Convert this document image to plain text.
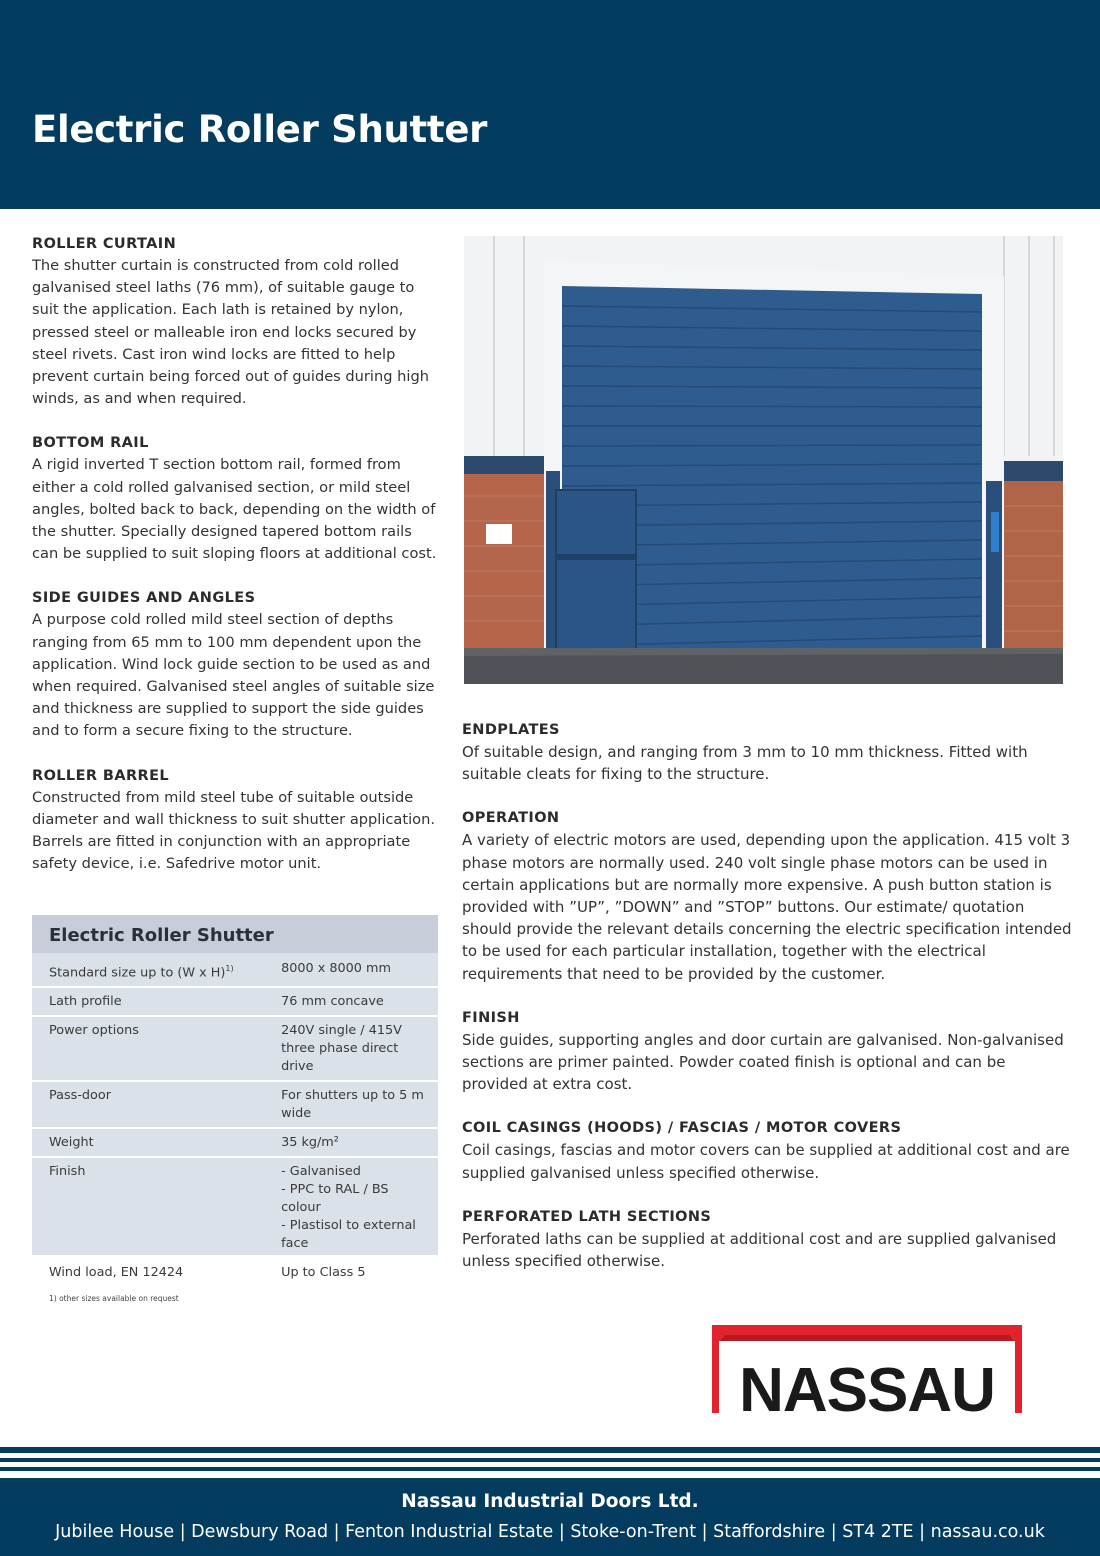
Electric Roller Shutter
ROLLER CURTAIN

The shutter curtain is constructed from cold rolled galvanised steel laths (76 mm), of suitable gauge to suit the application. Each lath is retained by nylon, pressed steel or malleable iron end locks secured by steel rivets. Cast iron wind locks are fitted to help prevent curtain being forced out of guides during high winds, as and when required.

BOTTOM RAIL

A rigid inverted T section bottom rail, formed from either a cold rolled galvanised section, or mild steel angles, bolted back to back, depending on the width of the shutter. Specially designed tapered bottom rails can be supplied to suit sloping floors at additional cost.

SIDE GUIDES AND ANGLES

A purpose cold rolled mild steel section of depths ranging from 65 mm to 100 mm dependent upon the application. Wind lock guide section to be used as and when required. Galvanised steel angles of suitable size and thickness are supplied to support the side guides and to form a secure fixing to the structure.

ROLLER BARREL

Constructed from mild steel tube of suitable outside diameter and wall thickness to suit shutter application. Barrels are fitted in conjunction with an appropriate safety device, i.e. Safedrive motor unit.

ENDPLATES

Of suitable design, and ranging from 3 mm to 10 mm thickness. Fitted with suitable cleats for fixing to the structure.

OPERATION

A variety of electric motors are used, depending upon the application. 415 volt 3 phase motors are normally used. 240 volt single phase motors can be used in certain applications but are normally more expensive. A push button station is provided with ”UP”, ”DOWN” and ”STOP” buttons. Our estimate/ quotation should provide the relevant details concerning the electric specification intended to be used for each particular installation, together with the electrical requirements that need to be provided by the customer.

FINISH

Side guides, supporting angles and door curtain are galvanised. Non-galvanised sections are primer painted. Powder coated finish is optional and can be provided at extra cost.

COIL CASINGS (HOODS) / FASCIAS / MOTOR COVERS

Coil casings, fascias and motor covers can be supplied at additional cost and are supplied galvanised unless specified otherwise.

PERFORATED LATH SECTIONS

Perforated laths can be supplied at additional cost and are supplied galvanised unless specified otherwise.

Electric Roller Shutter
Standard size up to (W x H)$^{1)}$	8000 x 8000 mm
Lath profile	76 mm concave
Power options	240V single / 415V three phase direct drive
Pass-door	For shutters up to 5 m wide
Weight	35 kg/m²
Finish	- Galvanised
- PPC to RAL / BS colour
- Plastisol to external face
Wind load, EN 12424	Up to Class 5
1) other sizes available on request
NASSAU
Nassau Industrial Doors Ltd.
Jubilee House | Dewsbury Road | Fenton Industrial Estate | Stoke-on-Trent | Staffordshire | ST4 2TE | nassau.co.uk
